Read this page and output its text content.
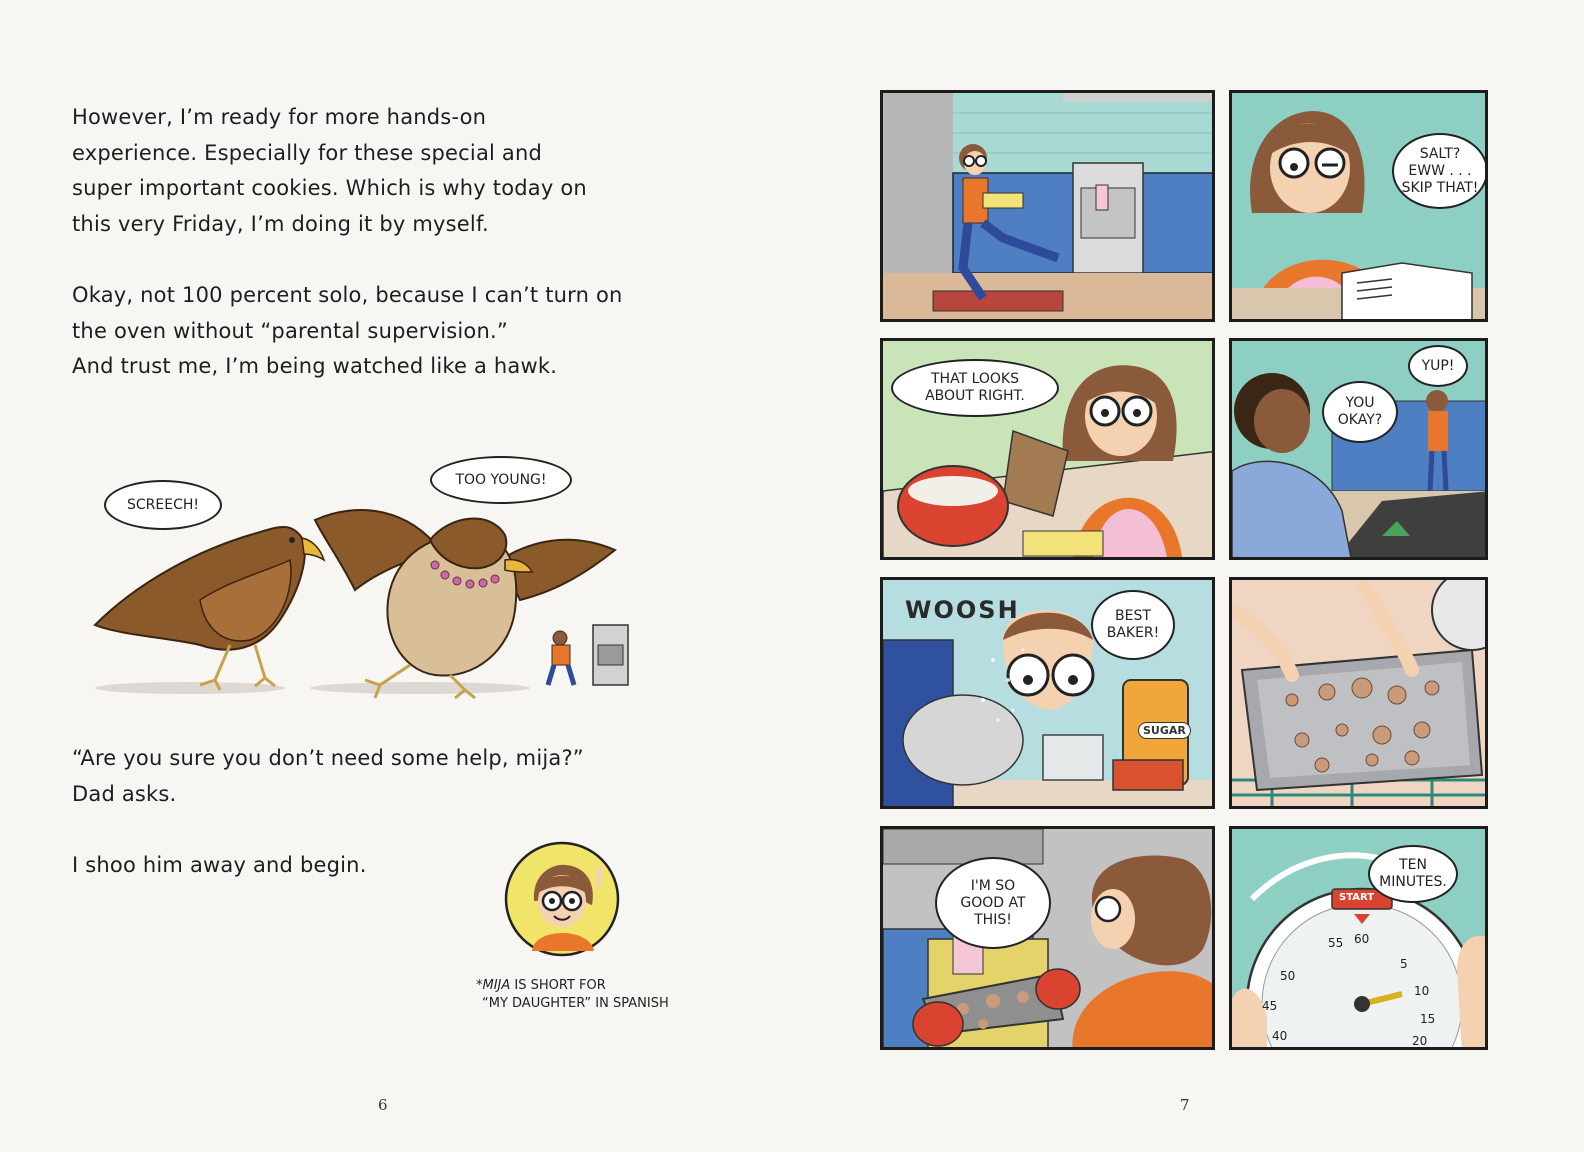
However, I’m ready for more hands-on

experience. Especially for these special and

super important cookies. Which is why today on

this very Friday, I’m doing it by myself.

Okay, not 100 percent solo, because I can’t turn on

the oven without “parental supervision.”

And trust me, I’m being watched like a hawk.

SCREECH!
TOO YOUNG!

“Are you sure you don’t need some help, mija?”

Dad asks.

I shoo him away and begin.

*MIJA IS SHORT FOR
“MY DAUGHTER” IN SPANISH
6
SALT?
EWW . . .
SKIP THAT!
THAT LOOKS
ABOUT RIGHT.	YOU
OKAY?
YUP!
WOOSH	BEST
BAKER!
SUGAR
I'M SO
GOOD AT
THIS!
START
55 60
5
10
15
20
40
45
50
TEN
MINUTES.
7
